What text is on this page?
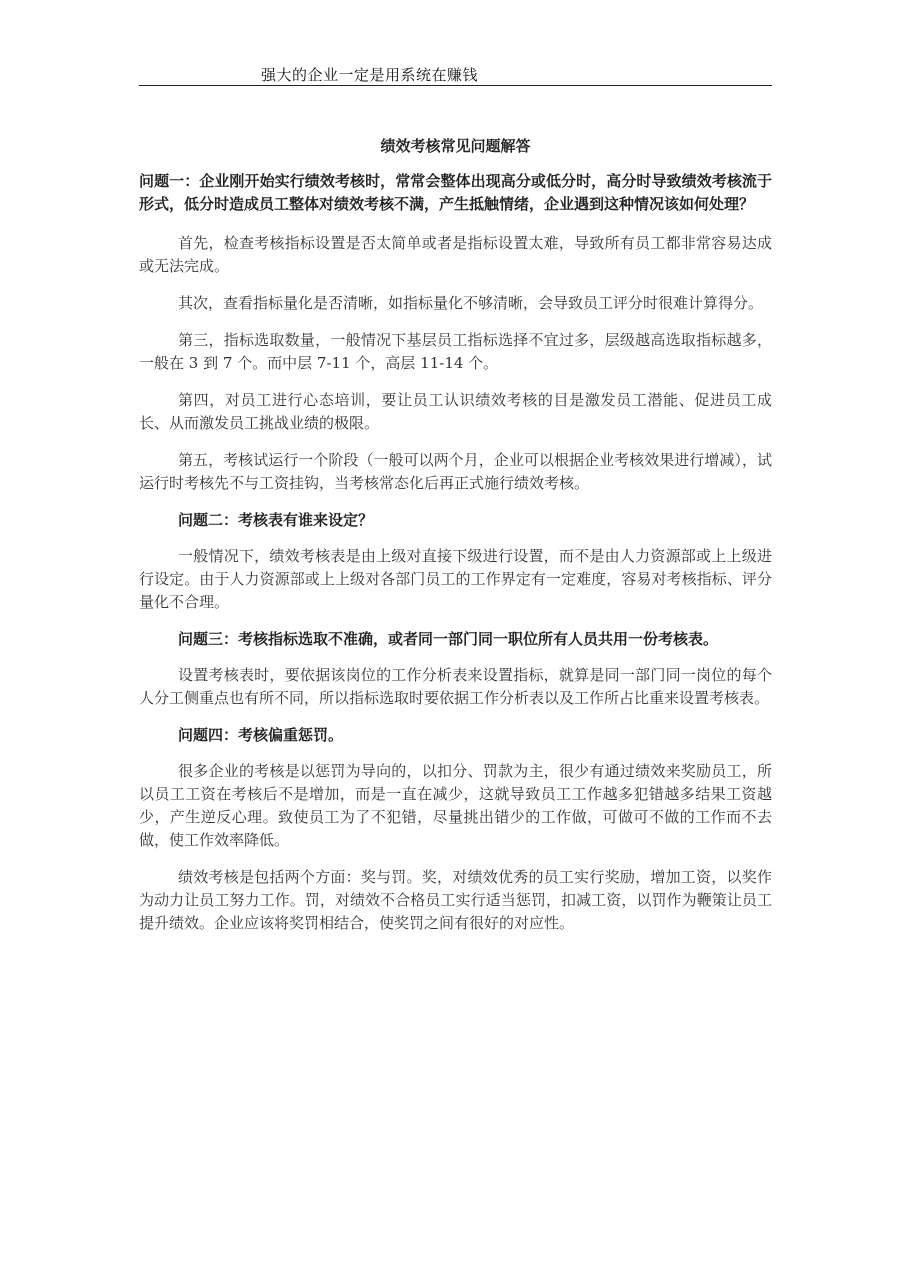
强大的企业一定是用系统在赚钱
绩效考核常见问题解答

问题一：企业刚开始实行绩效考核时，常常会整体出现高分或低分时，高分时导致绩效考核流于形式，低分时造成员工整体对绩效考核不满，产生抵触情绪，企业遇到这种情况该如何处理？

首先，检查考核指标设置是否太简单或者是指标设置太难，导致所有员工都非常容易达成或无法完成。

其次，查看指标量化是否清晰，如指标量化不够清晰，会导致员工评分时很难计算得分。

第三，指标选取数量，一般情况下基层员工指标选择不宜过多，层级越高选取指标越多，一般在 3 到 7 个。而中层 7-11 个，高层 11-14 个。

第四，对员工进行心态培训，要让员工认识绩效考核的目是激发员工潜能、促进员工成长、从而激发员工挑战业绩的极限。

第五，考核试运行一个阶段（一般可以两个月，企业可以根据企业考核效果进行增减），试运行时考核先不与工资挂钩，当考核常态化后再正式施行绩效考核。

问题二：考核表有谁来设定？

一般情况下，绩效考核表是由上级对直接下级进行设置，而不是由人力资源部或上上级进行设定。由于人力资源部或上上级对各部门员工的工作界定有一定难度，容易对考核指标、评分量化不合理。

问题三：考核指标选取不准确，或者同一部门同一职位所有人员共用一份考核表。

设置考核表时，要依据该岗位的工作分析表来设置指标，就算是同一部门同一岗位的每个人分工侧重点也有所不同，所以指标选取时要依据工作分析表以及工作所占比重来设置考核表。

问题四：考核偏重惩罚。

很多企业的考核是以惩罚为导向的，以扣分、罚款为主，很少有通过绩效来奖励员工，所以员工工资在考核后不是增加，而是一直在减少，这就导致员工工作越多犯错越多结果工资越少，产生逆反心理。致使员工为了不犯错，尽量挑出错少的工作做，可做可不做的工作而不去做，使工作效率降低。

绩效考核是包括两个方面：奖与罚。奖，对绩效优秀的员工实行奖励，增加工资，以奖作为动力让员工努力工作。罚，对绩效不合格员工实行适当惩罚，扣减工资，以罚作为鞭策让员工提升绩效。企业应该将奖罚相结合，使奖罚之间有很好的对应性。
